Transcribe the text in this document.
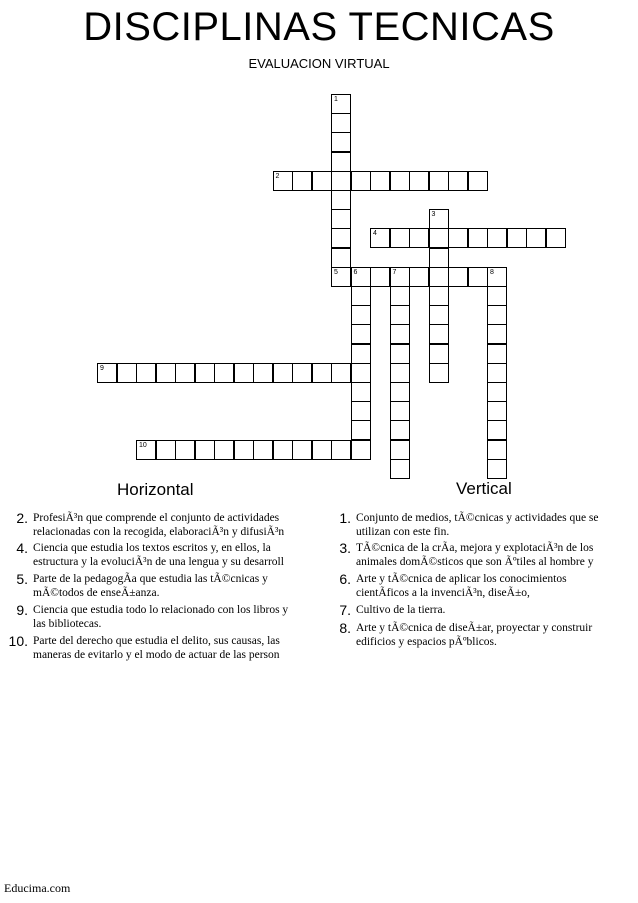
DISCIPLINAS TECNICAS
EVALUACION VIRTUAL
1
2
3
4
5 6	7	8
9
10
Horizontal	Vertical
2. ProfesiÃ³n que comprende el conjunto de actividades
relacionadas con la recogida, elaboraciÃ³n y difusiÃ³n
4. Ciencia que estudia los textos escritos y, en ellos, la
estructura y la evoluciÃ³n de una lengua y su desarroll
5. Parte de la pedagogÃa que estudia las tÃ©cnicas y
mÃ©todos de enseÃ±anza.
9. Ciencia que estudia todo lo relacionado con los libros y
las bibliotecas.
10. Parte del derecho que estudia el delito, sus causas, las
maneras de evitarlo y el modo de actuar de las person
1. Conjunto de medios, tÃ©cnicas y actividades que se
utilizan con este fin.
3. TÃ©cnica de la crÃa, mejora y explotaciÃ³n de los
animales domÃ©sticos que son Ãºtiles al hombre y
6. Arte y tÃ©cnica de aplicar los conocimientos
cientÃficos a la invenciÃ³n, diseÃ±o,
7. Cultivo de la tierra.
8. Arte y tÃ©cnica de diseÃ±ar, proyectar y construir
edificios y espacios pÃºblicos.
Educima.com
